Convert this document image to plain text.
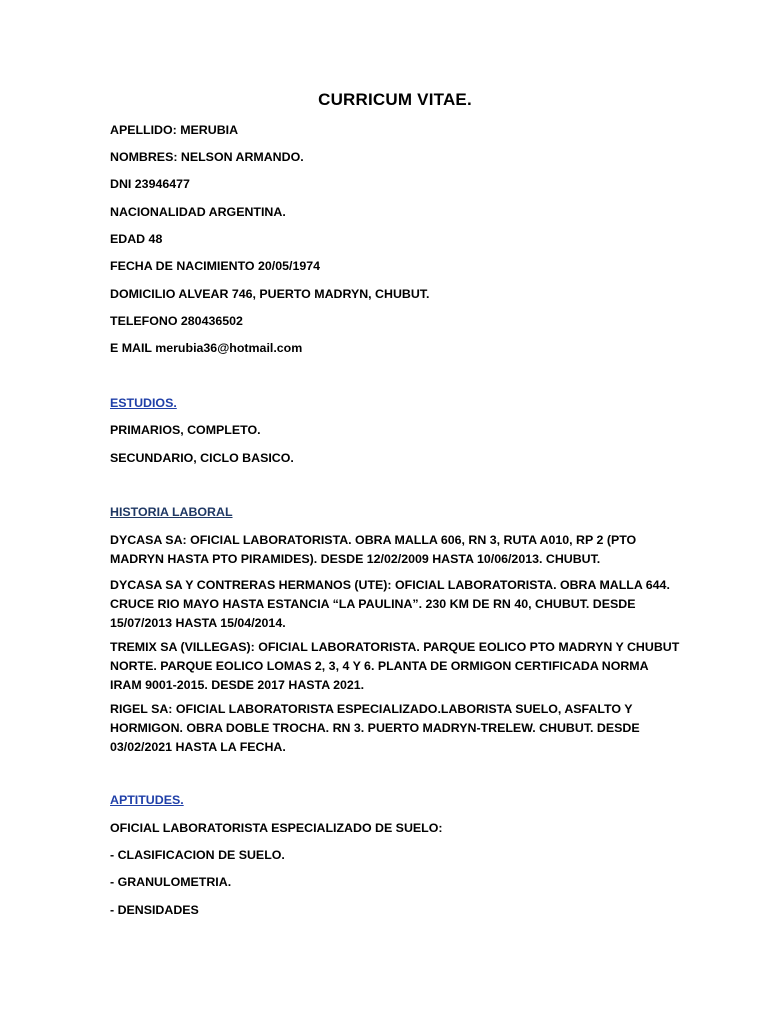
CURRICUM VITAE.
APELLIDO: MERUBIA
NOMBRES: NELSON ARMANDO.
DNI 23946477
NACIONALIDAD ARGENTINA.
EDAD 48
FECHA DE NACIMIENTO 20/05/1974
DOMICILIO ALVEAR 746, PUERTO MADRYN, CHUBUT.
TELEFONO 280436502
E MAIL merubia36@hotmail.com
ESTUDIOS.
PRIMARIOS, COMPLETO.
SECUNDARIO, CICLO BASICO.
HISTORIA LABORAL
DYCASA SA: OFICIAL LABORATORISTA. OBRA MALLA 606, RN 3, RUTA A010, RP 2 (PTO
MADRYN HASTA PTO PIRAMIDES). DESDE 12/02/2009 HASTA 10/06/2013. CHUBUT.
DYCASA SA Y CONTRERAS HERMANOS (UTE): OFICIAL LABORATORISTA. OBRA MALLA 644.
CRUCE RIO MAYO HASTA ESTANCIA “LA PAULINA”. 230 KM DE RN 40, CHUBUT. DESDE
15/07/2013 HASTA 15/04/2014.
TREMIX SA (VILLEGAS): OFICIAL LABORATORISTA. PARQUE EOLICO PTO MADRYN Y CHUBUT
NORTE. PARQUE EOLICO LOMAS 2, 3, 4 Y 6. PLANTA DE ORMIGON CERTIFICADA NORMA
IRAM 9001-2015. DESDE 2017 HASTA 2021.
RIGEL SA: OFICIAL LABORATORISTA ESPECIALIZADO.LABORISTA SUELO, ASFALTO Y
HORMIGON. OBRA DOBLE TROCHA. RN 3. PUERTO MADRYN-TRELEW. CHUBUT. DESDE
03/02/2021 HASTA LA FECHA.
APTITUDES.
OFICIAL LABORATORISTA ESPECIALIZADO DE SUELO:
- CLASIFICACION DE SUELO.
- GRANULOMETRIA.
- DENSIDADES
